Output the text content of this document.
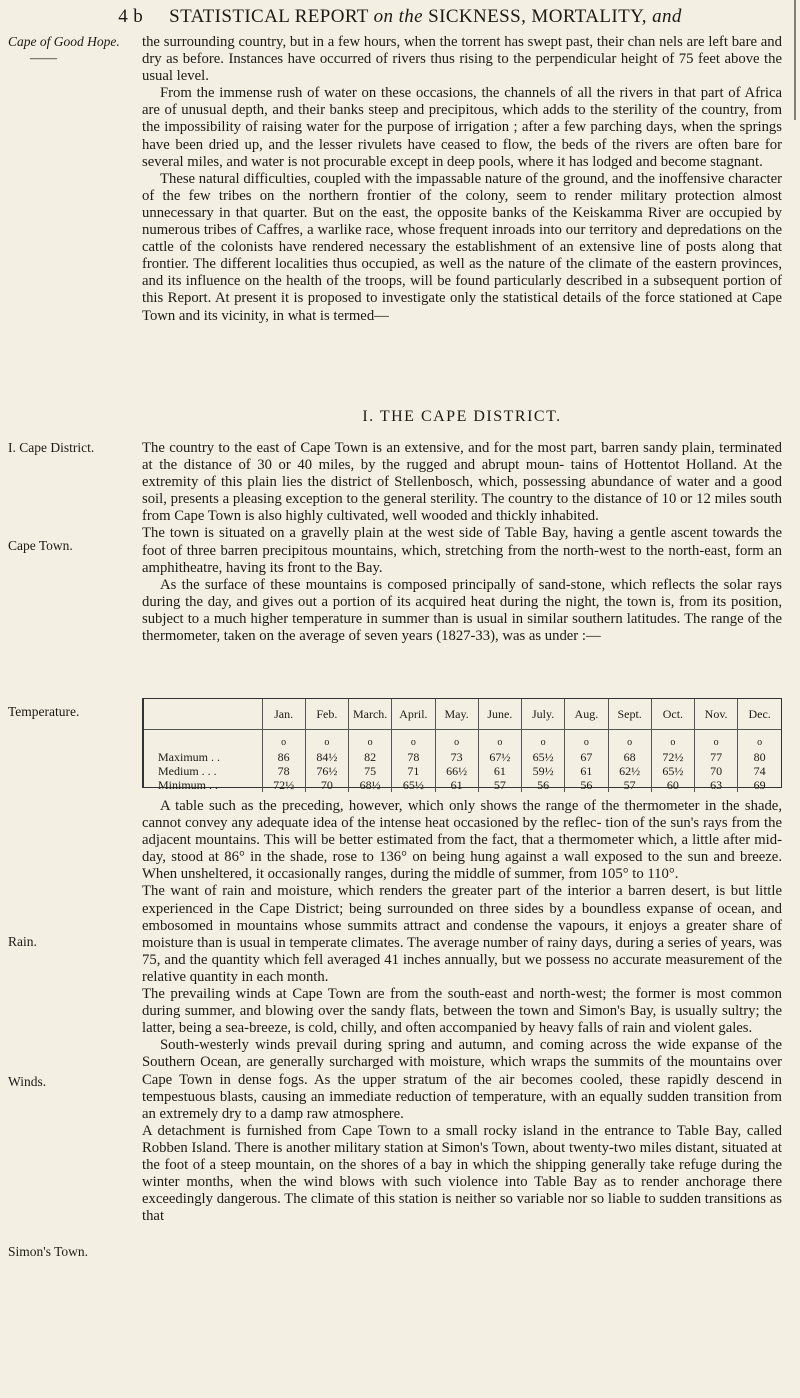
4 b STATISTICAL REPORT on the SICKNESS, MORTALITY, and
Cape of Good Hope.
——
I. Cape District.
Cape Town.
Temperature.
Rain.
Winds.
Simon's Town.

the surrounding country, but in a few hours, when the torrent has swept past, their chan nels are left bare and dry as before. Instances have occurred of rivers thus rising to the perpendicular height of 75 feet above the usual level.

From the immense rush of water on these occasions, the channels of all the rivers in that part of Africa are of unusual depth, and their banks steep and precipitous, which adds to the sterility of the country, from the impossibility of raising water for the purpose of irrigation ; after a few parching days, when the springs have been dried up, and the lesser rivulets have ceased to flow, the beds of the rivers are often bare for several miles, and water is not procurable except in deep pools, where it has lodged and become stagnant.

These natural difficulties, coupled with the impassable nature of the ground, and the inoffensive character of the few tribes on the northern frontier of the colony, seem to render military protection almost unnecessary in that quarter. But on the east, the opposite banks of the Keiskamma River are occupied by numerous tribes of Caffres, a warlike race, whose frequent inroads into our territory and depredations on the cattle of the colonists have rendered necessary the establishment of an extensive line of posts along that frontier. The different localities thus occupied, as well as the nature of the climate of the eastern provinces, and its influence on the health of the troops, will be found particularly described in a subsequent portion of this Report. At present it is proposed to investigate only the statistical details of the force stationed at Cape Town and its vicinity, in what is termed—

I. THE CAPE DISTRICT.

The country to the east of Cape Town is an extensive, and for the most part, barren sandy plain, terminated at the distance of 30 or 40 miles, by the rugged and abrupt moun- tains of Hottentot Holland. At the extremity of this plain lies the district of Stellenbosch, which, possessing abundance of water and a good soil, presents a pleasing exception to the general sterility. The country to the distance of 10 or 12 miles south from Cape Town is also highly cultivated, well wooded and thickly inhabited.

The town is situated on a gravelly plain at the west side of Table Bay, having a gentle ascent towards the foot of three barren precipitous mountains, which, stretching from the north-west to the north-east, form an amphitheatre, having its front to the Bay.

As the surface of these mountains is composed principally of sand-stone, which reflects the solar rays during the day, and gives out a portion of its acquired heat during the night, the town is, from its position, subject to a much higher temperature in summer than is usual in similar southern latitudes. The range of the thermometer, taken on the average of seven years (1827-33), was as under :—

	Jan.	Feb.	March.	April.	May.	June.	July.	Aug.	Sept.	Oct.	Nov.	Dec.
	o	o	o	o	o	o	o	o	o	o	o	o
Maximum . .	86	84½	82	78	73	67½	65½	67	68	72½	77	80
Medium . . .	78	76½	75	71	66½	61	59½	61	62½	65½	70	74
Minimum . .	72½	70	68½	65½	61	57	56	56	57	60	63	69

A table such as the preceding, however, which only shows the range of the thermometer in the shade, cannot convey any adequate idea of the intense heat occasioned by the reflec- tion of the sun's rays from the adjacent mountains. This will be better estimated from the fact, that a thermometer which, a little after mid-day, stood at 86° in the shade, rose to 136° on being hung against a wall exposed to the sun and breeze. When unsheltered, it occasionally ranges, during the middle of summer, from 105° to 110°.

The want of rain and moisture, which renders the greater part of the interior a barren desert, is but little experienced in the Cape District; being surrounded on three sides by a boundless expanse of ocean, and embosomed in mountains whose summits attract and condense the vapours, it enjoys a greater share of moisture than is usual in temperate climates. The average number of rainy days, during a series of years, was 75, and the quantity which fell averaged 41 inches annually, but we possess no accurate measurement of the relative quantity in each month.

The prevailing winds at Cape Town are from the south-east and north-west; the former is most common during summer, and blowing over the sandy flats, between the town and Simon's Bay, is usually sultry; the latter, being a sea-breeze, is cold, chilly, and often accompanied by heavy falls of rain and violent gales.

South-westerly winds prevail during spring and autumn, and coming across the wide expanse of the Southern Ocean, are generally surcharged with moisture, which wraps the summits of the mountains over Cape Town in dense fogs. As the upper stratum of the air becomes cooled, these rapidly descend in tempestuous blasts, causing an immediate reduction of temperature, with an equally sudden transition from an extremely dry to a damp raw atmosphere.

A detachment is furnished from Cape Town to a small rocky island in the entrance to Table Bay, called Robben Island. There is another military station at Simon's Town, about twenty-two miles distant, situated at the foot of a steep mountain, on the shores of a bay in which the shipping generally take refuge during the winter months, when the wind blows with such violence into Table Bay as to render anchorage there exceedingly dangerous. The climate of this station is neither so variable nor so liable to sudden transitions as that
